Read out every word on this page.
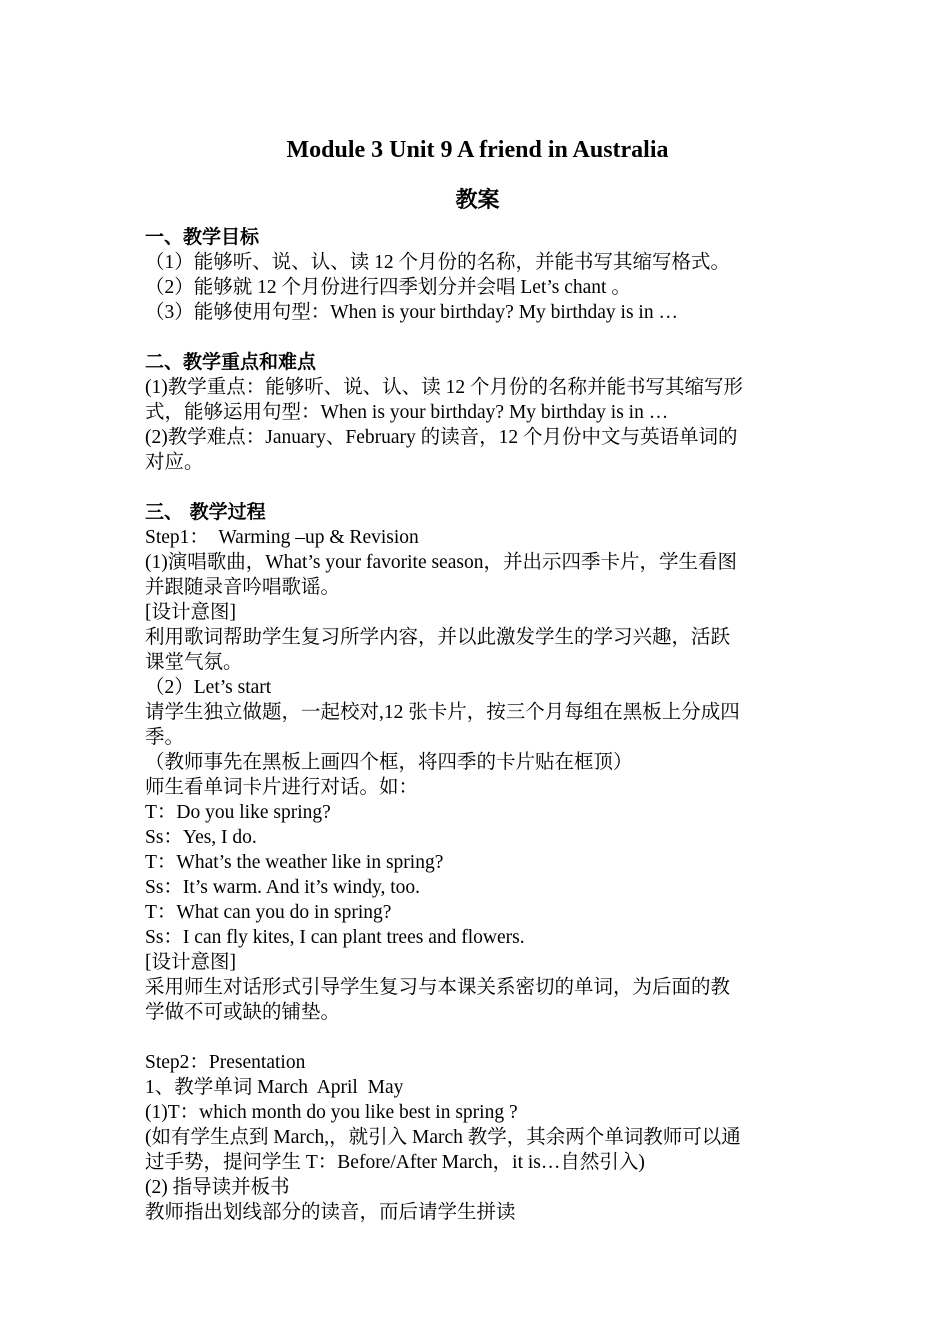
Module 3 Unit 9 A friend in Australia
教案
一、教学目标
（1）能够听、说、认、读 12 个月份的名称，并能书写其缩写格式。
（2）能够就 12 个月份进行四季划分并会唱 Let’s chant 。
（3）能够使用句型：When is your birthday? My birthday is in …
二、教学重点和难点
(1)教学重点：能够听、说、认、读 12 个月份的名称并能书写其缩写形
式，能够运用句型：When is your birthday? My birthday is in …
(2)教学难点：January、February 的读音，12 个月份中文与英语单词的
对应。
三、 教学过程
Step1：  Warming –up & Revision
(1)演唱歌曲，What’s your favorite season，并出示四季卡片，学生看图
并跟随录音吟唱歌谣。
[设计意图]
利用歌词帮助学生复习所学内容，并以此激发学生的学习兴趣，活跃
课堂气氛。
（2）Let’s start
请学生独立做题，一起校对,12 张卡片，按三个月每组在黑板上分成四
季。
（教师事先在黑板上画四个框，将四季的卡片贴在框顶）
师生看单词卡片进行对话。如：
T：Do you like spring?
Ss：Yes, I do.
T：What’s the weather like in spring?
Ss：It’s warm. And it’s windy, too.
T：What can you do in spring?
Ss：I can fly kites, I can plant trees and flowers.
[设计意图]
采用师生对话形式引导学生复习与本课关系密切的单词，为后面的教
学做不可或缺的铺垫。
Step2：Presentation
1、教学单词 March  April  May
(1)T：which month do you like best in spring ?
(如有学生点到 March,，就引入 March 教学，其余两个单词教师可以通
过手势，提问学生 T：Before/After March，it is…自然引入)
(2) 指导读并板书
教师指出划线部分的读音，而后请学生拼读
